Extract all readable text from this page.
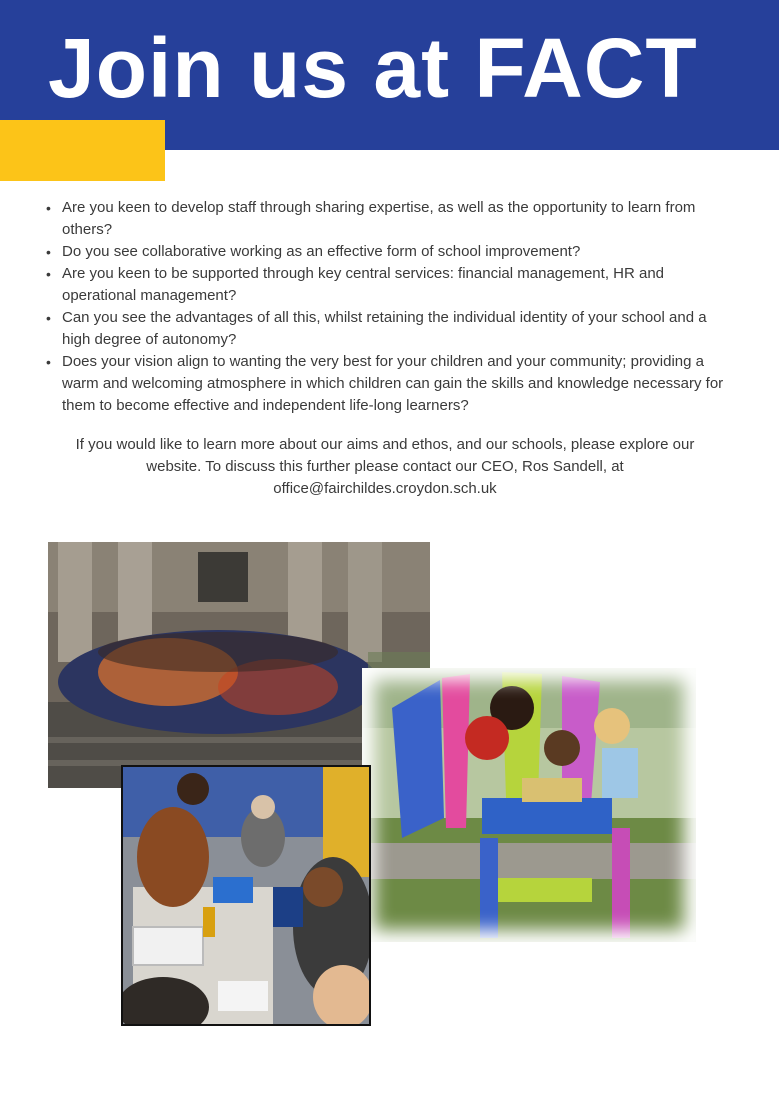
Join us at FACT
• Are you keen to develop staff through sharing expertise, as well as the opportunity to learn from others?
• Do you see collaborative working as an effective form of school improvement?
• Are you keen to be supported through key central services: financial management, HR and operational management?
• Can you see the advantages of all this, whilst retaining the individual identity of your school and a high degree of autonomy?
• Does your vision align to wanting the very best for your children and your community; providing a warm and welcoming atmosphere in which children can gain the skills and knowledge necessary for them to become effective and independent life-long learners?

If you would like to learn more about our aims and ethos, and our schools, please explore our
website. To discuss this further please contact our CEO, Ros Sandell, at
office@fairchildes.croydon.sch.uk
